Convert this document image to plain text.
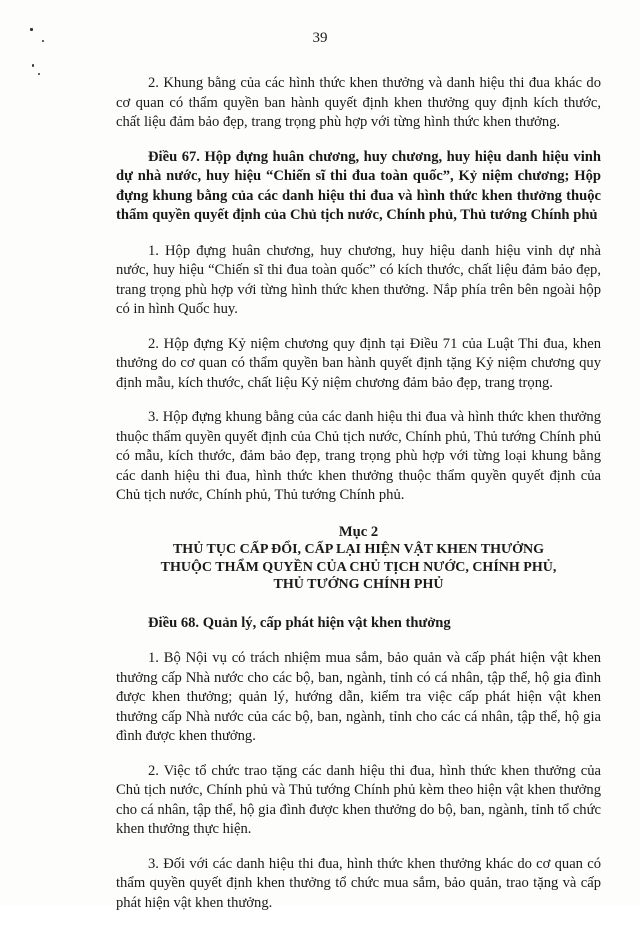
39

2. Khung bằng của các hình thức khen thưởng và danh hiệu thi đua khác do cơ quan có thẩm quyền ban hành quyết định khen thưởng quy định kích thước, chất liệu đảm bảo đẹp, trang trọng phù hợp với từng hình thức khen thưởng.

Điều 67. Hộp đựng huân chương, huy chương, huy hiệu danh hiệu vinh dự nhà nước, huy hiệu “Chiến sĩ thi đua toàn quốc”, Kỷ niệm chương; Hộp đựng khung bằng của các danh hiệu thi đua và hình thức khen thưởng thuộc thẩm quyền quyết định của Chủ tịch nước, Chính phủ, Thủ tướng Chính phủ

1. Hộp đựng huân chương, huy chương, huy hiệu danh hiệu vinh dự nhà nước, huy hiệu “Chiến sĩ thi đua toàn quốc” có kích thước, chất liệu đảm bảo đẹp, trang trọng phù hợp với từng hình thức khen thưởng. Nắp phía trên bên ngoài hộp có in hình Quốc huy.

2. Hộp đựng Kỷ niệm chương quy định tại Điều 71 của Luật Thi đua, khen thưởng do cơ quan có thẩm quyền ban hành quyết định tặng Kỷ niệm chương quy định mẫu, kích thước, chất liệu Kỷ niệm chương đảm bảo đẹp, trang trọng.

3. Hộp đựng khung bằng của các danh hiệu thi đua và hình thức khen thưởng thuộc thẩm quyền quyết định của Chủ tịch nước, Chính phủ, Thủ tướng Chính phủ có mẫu, kích thước, đảm bảo đẹp, trang trọng phù hợp với từng loại khung bằng các danh hiệu thi đua, hình thức khen thưởng thuộc thẩm quyền quyết định của Chủ tịch nước, Chính phủ, Thủ tướng Chính phủ.

Mục 2
THỦ TỤC CẤP ĐỔI, CẤP LẠI HIỆN VẬT KHEN THƯỞNG
THUỘC THẨM QUYỀN CỦA CHỦ TỊCH NƯỚC, CHÍNH PHỦ,
THỦ TƯỚNG CHÍNH PHỦ

Điều 68. Quản lý, cấp phát hiện vật khen thưởng

1. Bộ Nội vụ có trách nhiệm mua sắm, bảo quản và cấp phát hiện vật khen thưởng cấp Nhà nước cho các bộ, ban, ngành, tỉnh có cá nhân, tập thể, hộ gia đình được khen thưởng; quản lý, hướng dẫn, kiểm tra việc cấp phát hiện vật khen thưởng cấp Nhà nước của các bộ, ban, ngành, tỉnh cho các cá nhân, tập thể, hộ gia đình được khen thưởng.

2. Việc tổ chức trao tặng các danh hiệu thi đua, hình thức khen thưởng của Chủ tịch nước, Chính phủ và Thủ tướng Chính phủ kèm theo hiện vật khen thưởng cho cá nhân, tập thể, hộ gia đình được khen thưởng do bộ, ban, ngành, tỉnh tổ chức khen thưởng thực hiện.

3. Đối với các danh hiệu thi đua, hình thức khen thưởng khác do cơ quan có thẩm quyền quyết định khen thưởng tổ chức mua sắm, bảo quản, trao tặng và cấp phát hiện vật khen thưởng.
